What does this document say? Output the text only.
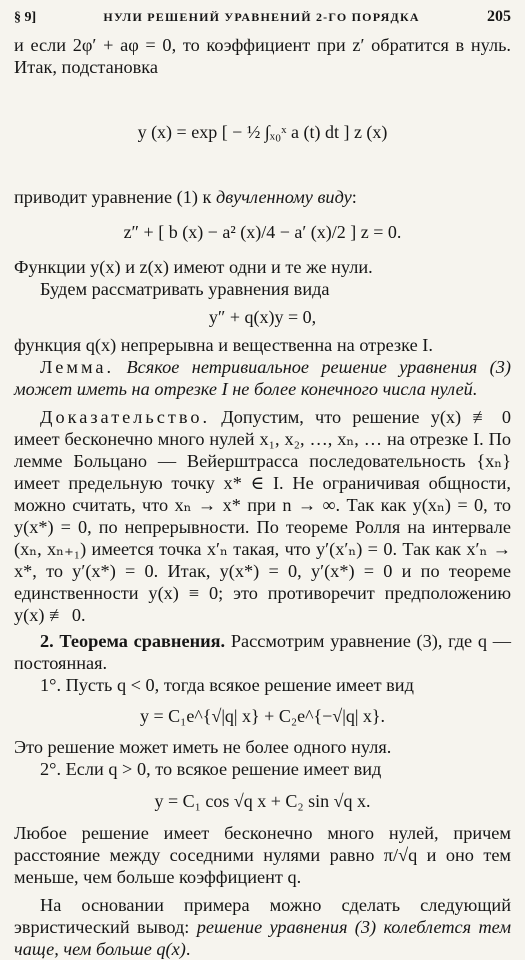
§ 9]	НУЛИ РЕШЕНИЙ УРАВНЕНИЙ 2-ГО ПОРЯДКА	205

и если 2φ′ + aφ = 0, то коэффициент при z′ обратится в нуль. Итак, подстановка

y (x) = exp [ − ½ ∫ₓ₀ˣ a (t) dt ] z (x)

приводит уравнение (1) к двучленному виду:

z″ + [ b (x) − a² (x)/4 − a′ (x)/2 ] z = 0.

Функции y(x) и z(x) имеют одни и те же нули.

Будем рассматривать уравнения вида

y″ + q(x)y = 0,

функция q(x) непрерывна и вещественна на отрезке I.

Лемма. Всякое нетривиальное решение уравнения (3) может иметь на отрезке I не более конечного числа нулей.

Доказательство. Допустим, что решение y(x) ≢ 0 имеет бесконечно много нулей x₁, x₂, …, xₙ, … на отрезке I. По лемме Больцано — Вейерштрасса последовательность {xₙ} имеет предельную точку x* ∈ I. Не ограничивая общности, можно считать, что xₙ → x* при n → ∞. Так как y(xₙ) = 0, то y(x*) = 0, по непрерывности. По теореме Ролля на интервале (xₙ, xₙ₊₁) имеется точка x′ₙ такая, что y′(x′ₙ) = 0. Так как x′ₙ → x*, то y′(x*) = 0. Итак, y(x*) = 0, y′(x*) = 0 и по теореме единственности y(x) ≡ 0; это противоречит предположению y(x) ≢ 0.

2. Теорема сравнения. Рассмотрим уравнение (3), где q — постоянная.

1°. Пусть q < 0, тогда всякое решение имеет вид

y = C₁e^{√|q| x} + C₂e^{−√|q| x}.

Это решение может иметь не более одного нуля.

2°. Если q > 0, то всякое решение имеет вид

y = C₁ cos √q x + C₂ sin √q x.

Любое решение имеет бесконечно много нулей, причем расстояние между соседними нулями равно π/√q и оно тем меньше, чем больше коэффициент q.

На основании примера можно сделать следующий эвристический вывод: решение уравнения (3) колеблется тем чаще, чем больше q(x).
